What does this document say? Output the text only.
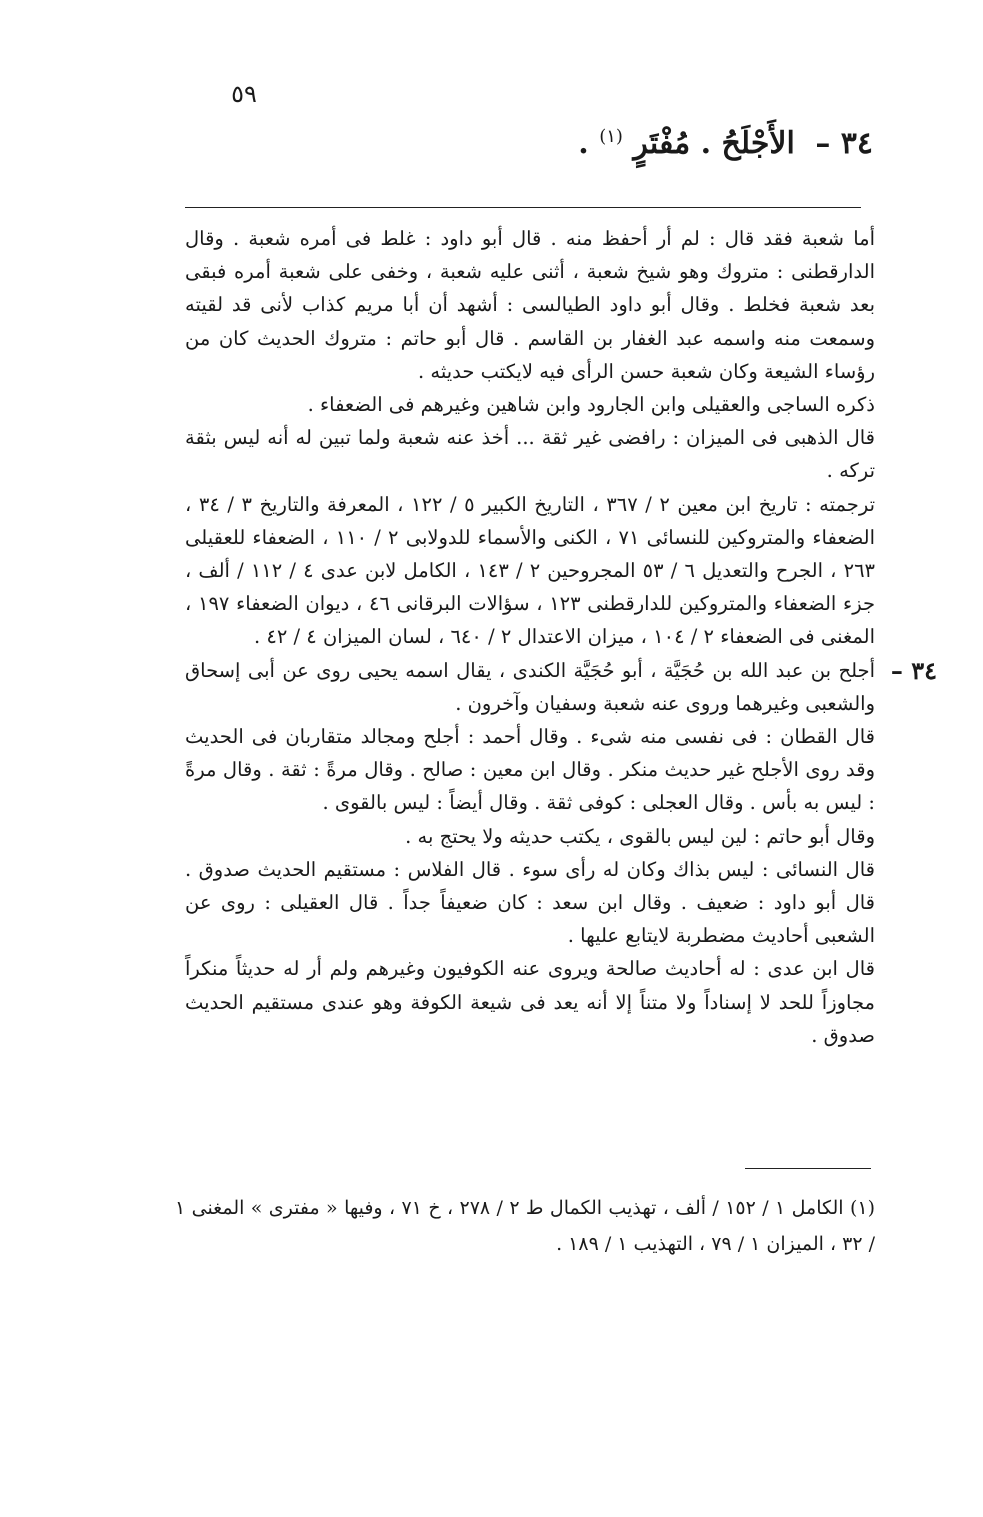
٥٩
٣٤ – الأَجْلَحُ . مُفْتَرٍ $^{(١)}$ .

أما شعبة فقد قال : لم أر أحفظ منه . قال أبو داود : غلط فى أمره شعبة . وقال الدارقطنى : متروك وهو شيخ شعبة ، أثنى عليه شعبة ، وخفى على شعبة أمره فبقى بعد شعبة فخلط . وقال أبو داود الطيالسى : أشهد أن أبا مريم كذاب لأنى قد لقيته وسمعت منه واسمه عبد الغفار بن القاسم . قال أبو حاتم : متروك الحديث كان من رؤساء الشيعة وكان شعبة حسن الرأى فيه لايكتب حديثه .

ذكره الساجى والعقيلى وابن الجارود وابن شاهين وغيرهم فى الضعفاء .

قال الذهبى فى الميزان : رافضى غير ثقة ... أخذ عنه شعبة ولما تبين له أنه ليس بثقة تركه .

ترجمته : تاريخ ابن معين ٢ / ٣٦٧ ، التاريخ الكبير ٥ / ١٢٢ ، المعرفة والتاريخ ٣ / ٣٤ ، الضعفاء والمتروكين للنسائى ٧١ ، الكنى والأسماء للدولابى ٢ / ١١٠ ، الضعفاء للعقيلى ٢٦٣ ، الجرح والتعديل ٦ / ٥٣ المجروحين ٢ / ١٤٣ ، الكامل لابن عدى ٤ / ١١٢ / ألف ، جزء الضعفاء والمتروكين للدارقطنى ١٢٣ ، سؤالات البرقانى ٤٦ ، ديوان الضعفاء ١٩٧ ، المغنى فى الضعفاء ٢ / ١٠٤ ، ميزان الاعتدال ٢ / ٦٤٠ ، لسان الميزان ٤ / ٤٢ .

٣٤ –

أجلح بن عبد الله بن حُجَيَّة ، أبو حُجَيَّة الكندى ، يقال اسمه يحيى روى عن أبى إسحاق والشعبى وغيرهما وروى عنه شعبة وسفيان وآخرون .

قال القطان : فى نفسى منه شىء . وقال أحمد : أجلح ومجالد متقاربان فى الحديث وقد روى الأجلح غير حديث منكر . وقال ابن معين : صالح . وقال مرةً : ثقة . وقال مرةً : ليس به بأس . وقال العجلى : كوفى ثقة . وقال أيضاً : ليس بالقوى .

وقال أبو حاتم : لين ليس بالقوى ، يكتب حديثه ولا يحتج به .

قال النسائى : ليس بذاك وكان له رأى سوء . قال الفلاس : مستقيم الحديث صدوق . قال أبو داود : ضعيف . وقال ابن سعد : كان ضعيفاً جداً . قال العقيلى : روى عن الشعبى أحاديث مضطربة لايتابع عليها .

قال ابن عدى : له أحاديث صالحة ويروى عنه الكوفيون وغيرهم ولم أر له حديثاً منكراً مجاوزاً للحد لا إسناداً ولا متناً إلا أنه يعد فى شيعة الكوفة وهو عندى مستقيم الحديث صدوق .

(١) الكامل ١ / ١٥٢ / ألف ، تهذيب الكمال ط ٢ / ٢٧٨ ، خ ٧١ ، وفيها « مفترى » المغنى ١ / ٣٢ ، الميزان ١ / ٧٩ ، التهذيب ١ / ١٨٩ .
